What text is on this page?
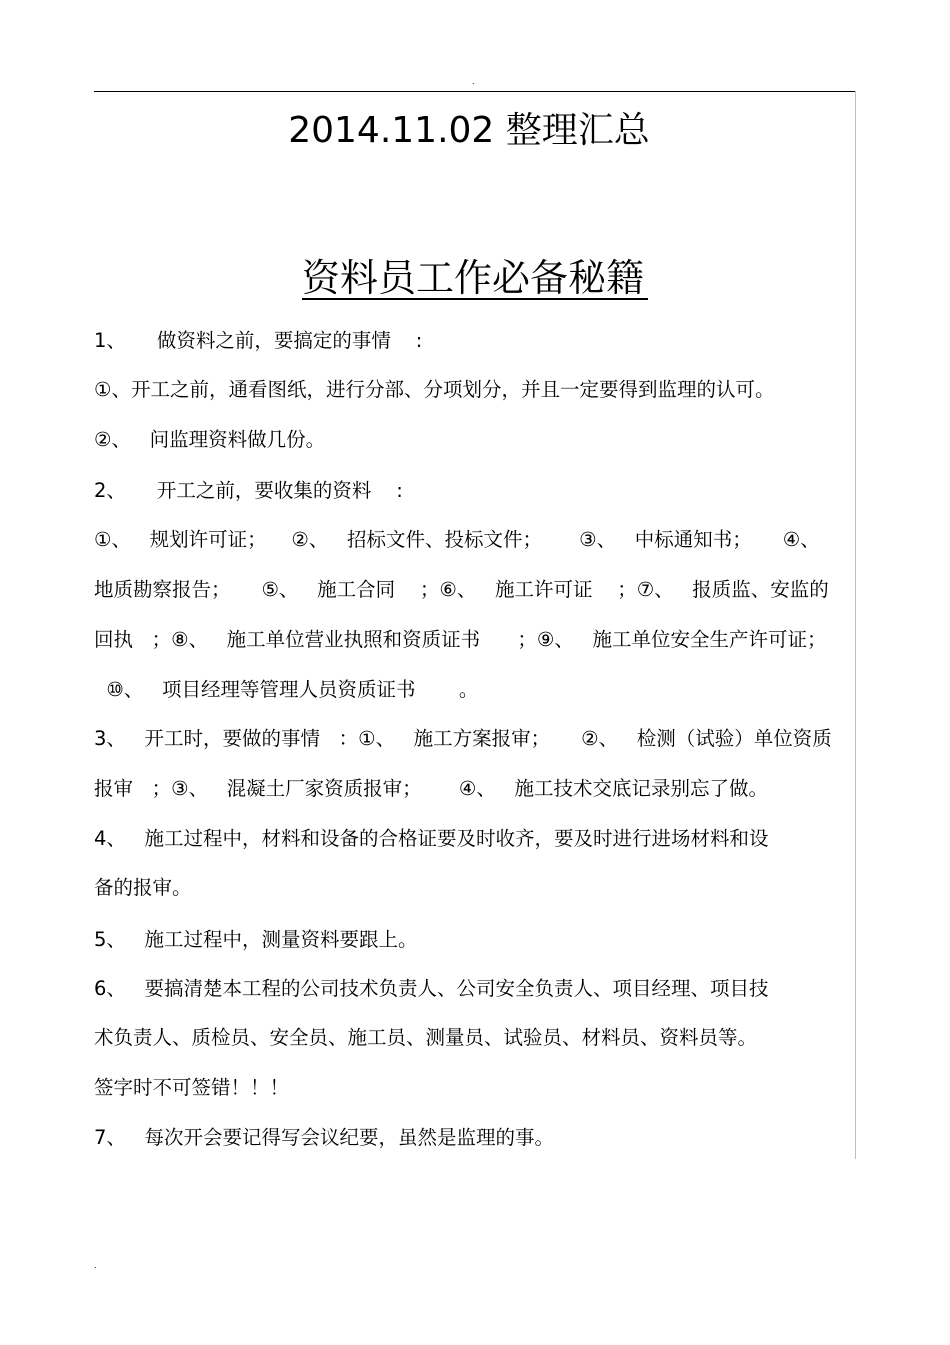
.
2014.11.02 整理汇总
资料员工作必备秘籍
1、     做资料之前，要搞定的事情    :
①、开工之前，通看图纸，进行分部、分项划分，并且一定要得到监理的认可。
②、   问监理资料做几份。
2、     开工之前，要收集的资料    :
①、   规划许可证；    ②、   招标文件、投标文件；      ③、   中标通知书；     ④、
地质勘察报告；     ⑤、   施工合同    ；⑥、   施工许可证    ；⑦、   报质监、安监的
回执   ；⑧、   施工单位营业执照和资质证书      ；⑨、   施工单位安全生产许可证；
⑩、   项目经理等管理人员资质证书       。
3、   开工时，要做的事情   ：①、   施工方案报审；     ②、   检测（试验）单位资质
报审   ；③、   混凝土厂家资质报审；      ④、   施工技术交底记录别忘了做。
4、   施工过程中，材料和设备的合格证要及时收齐，要及时进行进场材料和设
备的报审。
5、   施工过程中，测量资料要跟上。
6、   要搞清楚本工程的公司技术负责人、公司安全负责人、项目经理、项目技
术负责人、质检员、安全员、施工员、测量员、试验员、材料员、资料员等。
签字时不可签错！！！
7、   每次开会要记得写会议纪要，虽然是监理的事。
.
